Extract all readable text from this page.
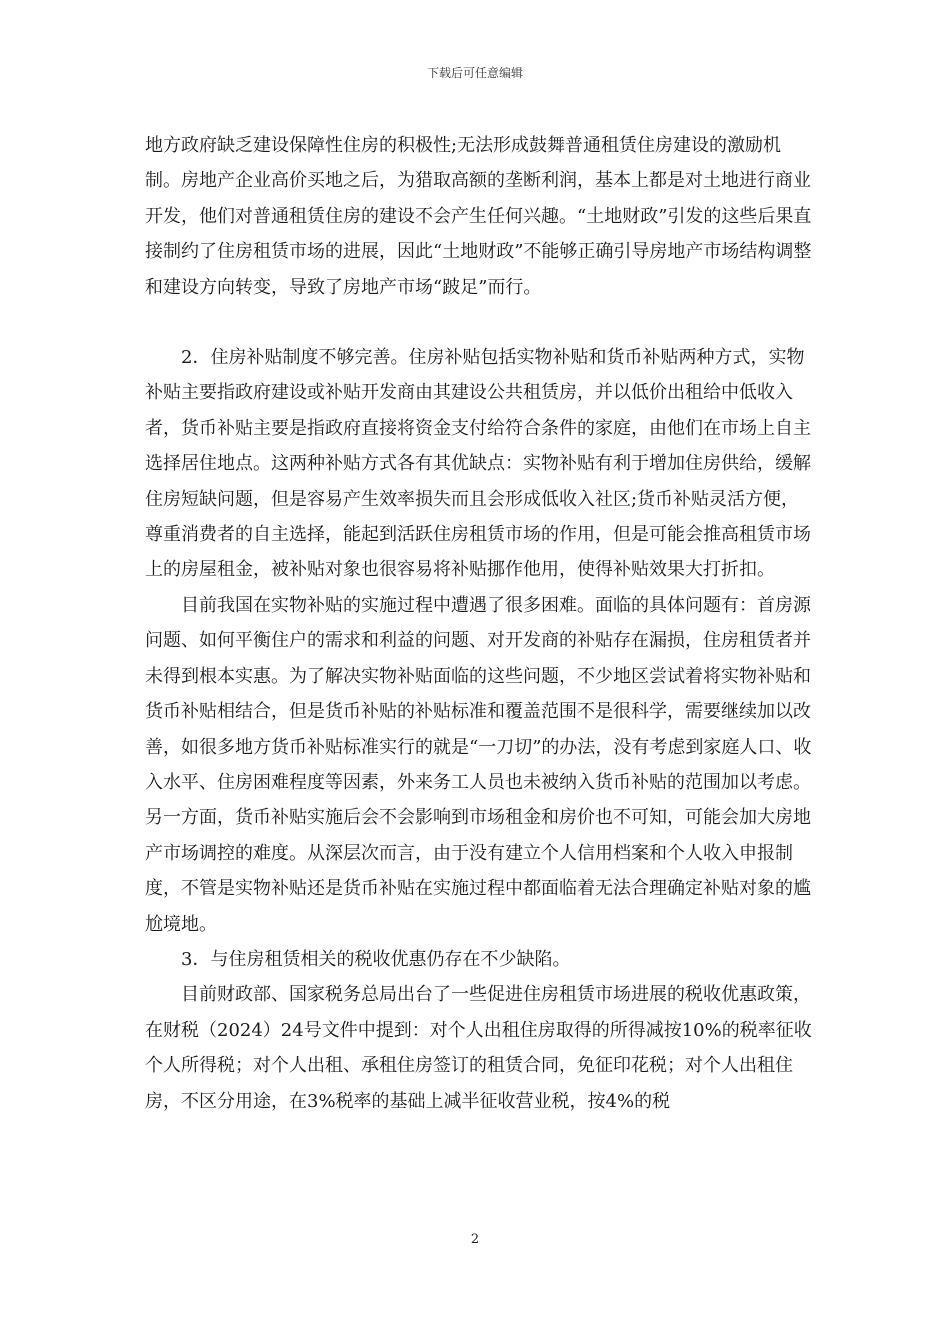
下载后可任意编辑

地方政府缺乏建设保障性住房的积极性;无法形成鼓舞普通租赁住房建设的激励机制。房地产企业高价买地之后，为猎取高额的垄断利润，基本上都是对土地进行商业开发，他们对普通租赁住房的建设不会产生任何兴趣。“土地财政”引发的这些后果直接制约了住房租赁市场的进展，因此“土地财政”不能够正确引导房地产市场结构调整和建设方向转变，导致了房地产市场“跛足”而行。

2．住房补贴制度不够完善。住房补贴包括实物补贴和货币补贴两种方式，实物补贴主要指政府建设或补贴开发商由其建设公共租赁房，并以低价出租给中低收入者，货币补贴主要是指政府直接将资金支付给符合条件的家庭，由他们在市场上自主选择居住地点。这两种补贴方式各有其优缺点：实物补贴有利于增加住房供给，缓解住房短缺问题，但是容易产生效率损失而且会形成低收入社区;货币补贴灵活方便，尊重消费者的自主选择，能起到活跃住房租赁市场的作用，但是可能会推高租赁市场上的房屋租金，被补贴对象也很容易将补贴挪作他用，使得补贴效果大打折扣。

目前我国在实物补贴的实施过程中遭遇了很多困难。面临的具体问题有：首房源问题、如何平衡住户的需求和利益的问题、对开发商的补贴存在漏损，住房租赁者并未得到根本实惠。为了解决实物补贴面临的这些问题，不少地区尝试着将实物补贴和货币补贴相结合，但是货币补贴的补贴标准和覆盖范围不是很科学，需要继续加以改善，如很多地方货币补贴标准实行的就是“一刀切”的办法，没有考虑到家庭人口、收入水平、住房困难程度等因素，外来务工人员也未被纳入货币补贴的范围加以考虑。另一方面，货币补贴实施后会不会影响到市场租金和房价也不可知，可能会加大房地产市场调控的难度。从深层次而言，由于没有建立个人信用档案和个人收入申报制度，不管是实物补贴还是货币补贴在实施过程中都面临着无法合理确定补贴对象的尴尬境地。

3．与住房租赁相关的税收优惠仍存在不少缺陷。

目前财政部、国家税务总局出台了一些促进住房租赁市场进展的税收优惠政策，在财税（2024）24号文件中提到：对个人出租住房取得的所得减按10%的税率征收个人所得税；对个人出租、承租住房签订的租赁合同，免征印花税；对个人出租住房，不区分用途，在3%税率的基础上减半征收营业税，按4%的税

2
